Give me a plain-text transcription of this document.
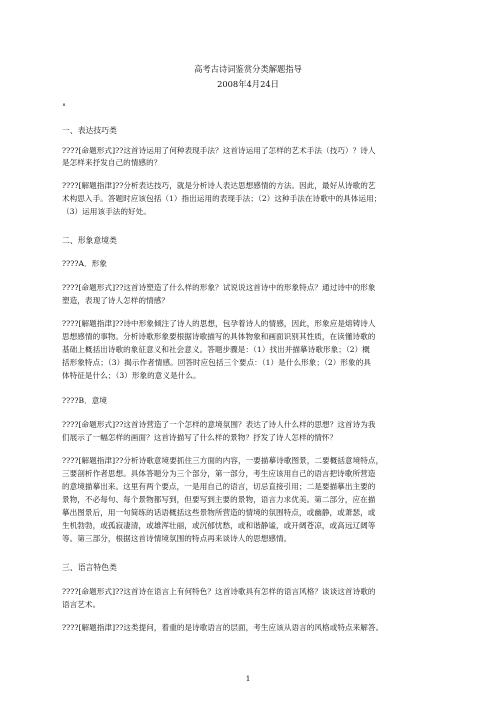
高考古诗词鉴赏分类解题指导
2008年4月24日
˳
一、表达技巧类
????[命题形式]??这首诗运用了何种表现手法？这首诗运用了怎样的艺术手法（技巧）？诗人
是怎样来抒发自己的情感的？
????[解题指津]??分析表达技巧，就是分析诗人表达思想感情的方法。因此，最好从诗歌的艺
术构思入手。答题时应该包括（1）指出运用的表现手法；（2）这种手法在诗歌中的具体运用；
（3）运用该手法的好处。
二、形象意境类
????A．形象
????[命题形式]??这首诗塑造了什么样的形象？试说说这首诗中的形象特点？通过诗中的形象
塑造，表现了诗人怎样的情感？
????[解题指津]??诗中形象倾注了诗人的思想，包孕着诗人的情感，因此，形象应是熔铸诗人
思想感情的事物。分析诗歌形象要根据诗歌描写的具体物象和画面识别其性质，在读懂诗歌的
基础上概括出诗歌的象征意义和社会意义。答题步骤是：（1）找出并描摹诗歌形象；（2）概
括形象特点；（3）揭示作者情感。回答时应包括三个要点：（1）是什么形象；（2）形象的具
体特征是什么；（3）形象的意义是什么。
????B．意境
????[命题形式]??这首诗营造了一个怎样的意境氛围？表达了诗人什么样的思想？这首诗为我
们展示了一幅怎样的画面？这首诗描写了什么样的景物？抒发了诗人怎样的情怀？
????[解题指津]??分析诗歌意境要抓住三方面的内容，一要描摹诗歌图景，二要概括意境特点，
三要剖析作者思想。具体答题分为三个部分，第一部分，考生应该用自己的语言把诗歌所营造
的意境描摹出来。这里有两个要点，一是用自己的语言，切忌直接引用；二是要描摹出主要的
景物，不必每句、每个景物都写到，但要写到主要的景物，语言力求优美。第二部分，应在描
摹出图景后，用一句简练的话语概括这些景物所营造的情境的氛围特点，或幽静，或萧瑟，或
生机勃勃，或孤寂凄清，或雄浑壮丽，或沉郁忧愁，或和谐静谧，或开阔苍凉，或高远辽阔等
等。第三部分，根据这首诗情境氛围的特点再来谈诗人的思想感情。
三、语言特色类
????[命题形式]??这首诗在语言上有何特色？这首诗歌具有怎样的语言风格？谈谈这首诗歌的
语言艺术。
????[解题指津]??这类提问，着重的是诗歌语言的层面，考生应该从语言的风格或特点来解答。
1
